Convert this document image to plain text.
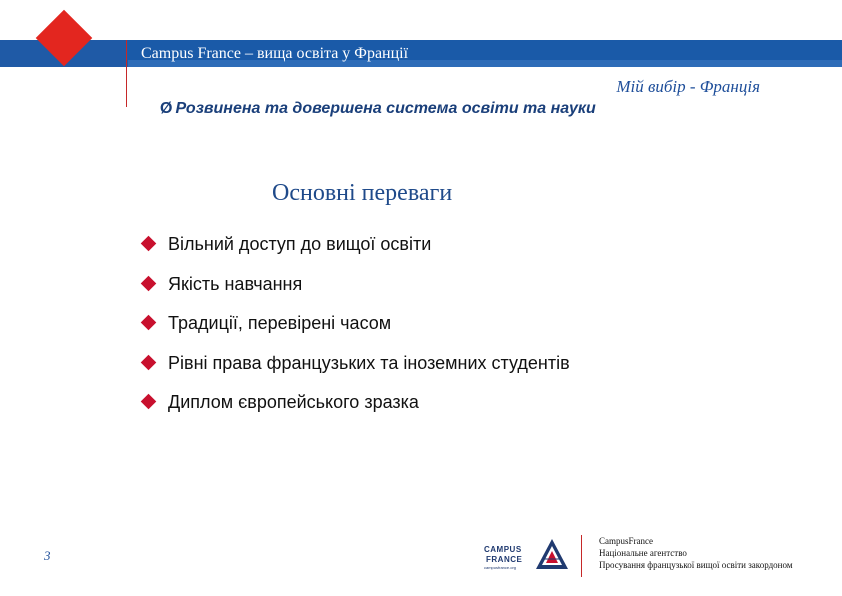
Campus France – вища освіта у Франції
Мій вибір - Франція
Ø Розвинена та довершена система освіти та науки
Основні переваги
Вільний доступ до вищої освіти
Якість навчання
Традиції, перевірені часом
Рівні права французьких та іноземних студентів
Диплом європейського зразка
3	CAMPUS
FRANCE
campusfrance.org
CampusFrance
Національне агентство
Просування французької вищої освіти закордоном
